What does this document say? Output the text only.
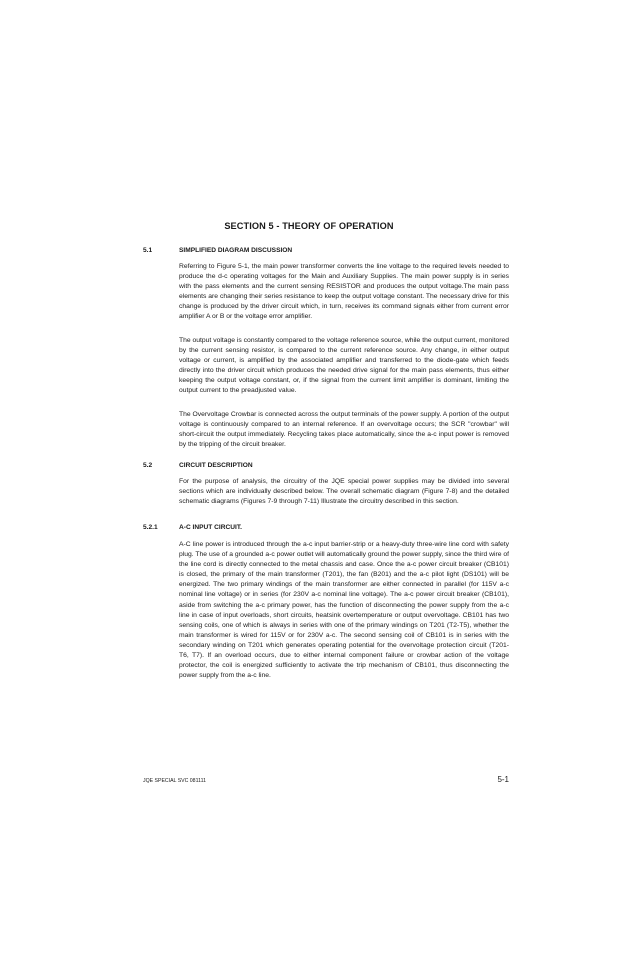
SECTION 5 - THEORY OF OPERATION
5.1	SIMPLIFIED DIAGRAM DISCUSSION

Referring to Figure 5-1, the main power transformer converts the line voltage to the required levels needed to produce the d-c operating voltages for the Main and Auxiliary Supplies. The main power supply is in series with the pass elements and the current sensing RESISTOR and produces the output voltage.The main pass elements are changing their series resistance to keep the output voltage constant. The necessary drive for this change is produced by the driver circuit which, in turn, receives its command signals either from current error amplifier A or B or the voltage error amplifier.

The output voltage is constantly compared to the voltage reference source, while the output current, monitored by the current sensing resistor, is compared to the current reference source. Any change, in either output voltage or current, is amplified by the associated amplifier and transferred to the diode-gate which feeds directly into the driver circuit which produces the needed drive signal for the main pass elements, thus either keeping the output voltage constant, or, if the signal from the current limit amplifier is dominant, limiting the output current to the preadjusted value.

The Overvoltage Crowbar is connected across the output terminals of the power supply. A portion of the output voltage is continuously compared to an internal reference. If an overvoltage occurs; the SCR "crowbar" will short-circuit the output immediately. Recycling takes place automatically, since the a-c input power is removed by the tripping of the circuit breaker.

5.2	CIRCUIT DESCRIPTION

For the purpose of analysis, the circuitry of the JQE special power supplies may be divided into several sections which are individually described below. The overall schematic diagram (Figure 7-8) and the detailed schematic diagrams (Figures 7-9 through 7-11) Illustrate the circuitry described in this section.

5.2.1	A-C INPUT CIRCUIT.

A-C line power is introduced through the a-c input barrier-strip or a heavy-duty three-wire line cord with safety plug. The use of a grounded a-c power outlet will automatically ground the power supply, since the third wire of the line cord is directly connected to the metal chassis and case. Once the a-c power circuit breaker (CB101) is closed, the primary of the main transformer (T201), the fan (B201) and the a-c pilot light (DS101) will be energized. The two primary windings of the main transformer are either connected in parallel (for 115V a-c nominal line voltage) or in series (for 230V a-c nominal line voltage). The a-c power circuit breaker (CB101), aside from switching the a-c primary power, has the function of disconnecting the power supply from the a-c line in case of input overloads, short circuits, heatsink overtemperature or output overvoltage. CB101 has two sensing coils, one of which is always in series with one of the primary windings on T201 (T2-T5), whether the main transformer is wired for 115V or for 230V a-c. The second sensing coil of CB101 is in series with the secondary winding on T201 which generates operating potential for the overvoltage protection circuit (T201-T6, T7). If an overload occurs, due to either internal component failure or crowbar action of the voltage protector, the coil is energized sufficiently to activate the trip mechanism of CB101, thus disconnecting the power supply from the a-c line.

JQE SPECIAL SVC 081111	5-1
